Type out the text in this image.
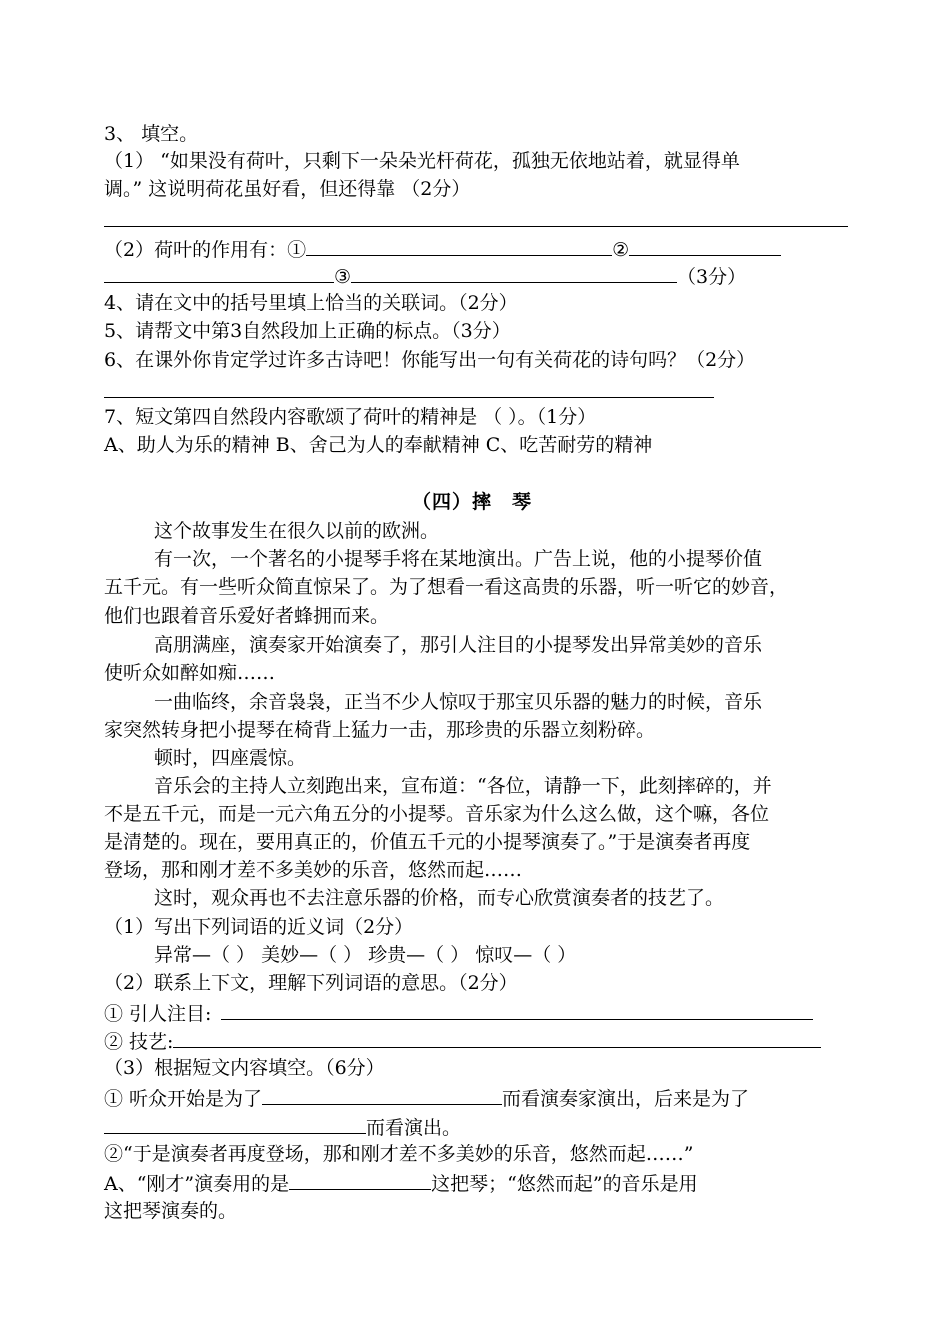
3、 填空。
（1） “如果没有荷叶，只剩下一朵朵光杆荷花，孤独无依地站着，就显得单
调。” 这说明荷花虽好看，但还得靠 （2分）
（2）荷叶的作用有：①	②
③	（3分）
4、请在文中的括号里填上恰当的关联词。（2分）
5、请帮文中第3自然段加上正确的标点。（3分）
6、在课外你肯定学过许多古诗吧！你能写出一句有关荷花的诗句吗？（2分）
7、短文第四自然段内容歌颂了荷叶的精神是 （ ）。（1分）
A、助人为乐的精神 B、舍己为人的奉献精神 C、吃苦耐劳的精神
（四）摔　琴
这个故事发生在很久以前的欧洲。
有一次，一个著名的小提琴手将在某地演出。广告上说，他的小提琴价值
五千元。有一些听众简直惊呆了。为了想看一看这高贵的乐器，听一听它的妙音，
他们也跟着音乐爱好者蜂拥而来。
高朋满座，演奏家开始演奏了，那引人注目的小提琴发出异常美妙的音乐
使听众如醉如痴……
一曲临终，余音袅袅，正当不少人惊叹于那宝贝乐器的魅力的时候，音乐
家突然转身把小提琴在椅背上猛力一击，那珍贵的乐器立刻粉碎。
顿时，四座震惊。
音乐会的主持人立刻跑出来，宣布道：“各位，请静一下，此刻摔碎的，并
不是五千元，而是一元六角五分的小提琴。音乐家为什么这么做，这个嘛，各位
是清楚的。现在，要用真正的，价值五千元的小提琴演奏了。”于是演奏者再度
登场，那和刚才差不多美妙的乐音，悠然而起……
这时，观众再也不去注意乐器的价格，而专心欣赏演奏者的技艺了。
（1）写出下列词语的近义词（2分）
异常—（ ） 美妙—（ ） 珍贵—（ ） 惊叹—（ ）
（2）联系上下文，理解下列词语的意思。（2分）
① 引人注目:
② 技艺:
（3）根据短文内容填空。（6分）
① 听众开始是为了	而看演奏家演出，后来是为了
而看演出。
②“于是演奏者再度登场，那和刚才差不多美妙的乐音，悠然而起……”
A、“刚才”演奏用的是	这把琴；“悠然而起”的音乐是用
这把琴演奏的。
